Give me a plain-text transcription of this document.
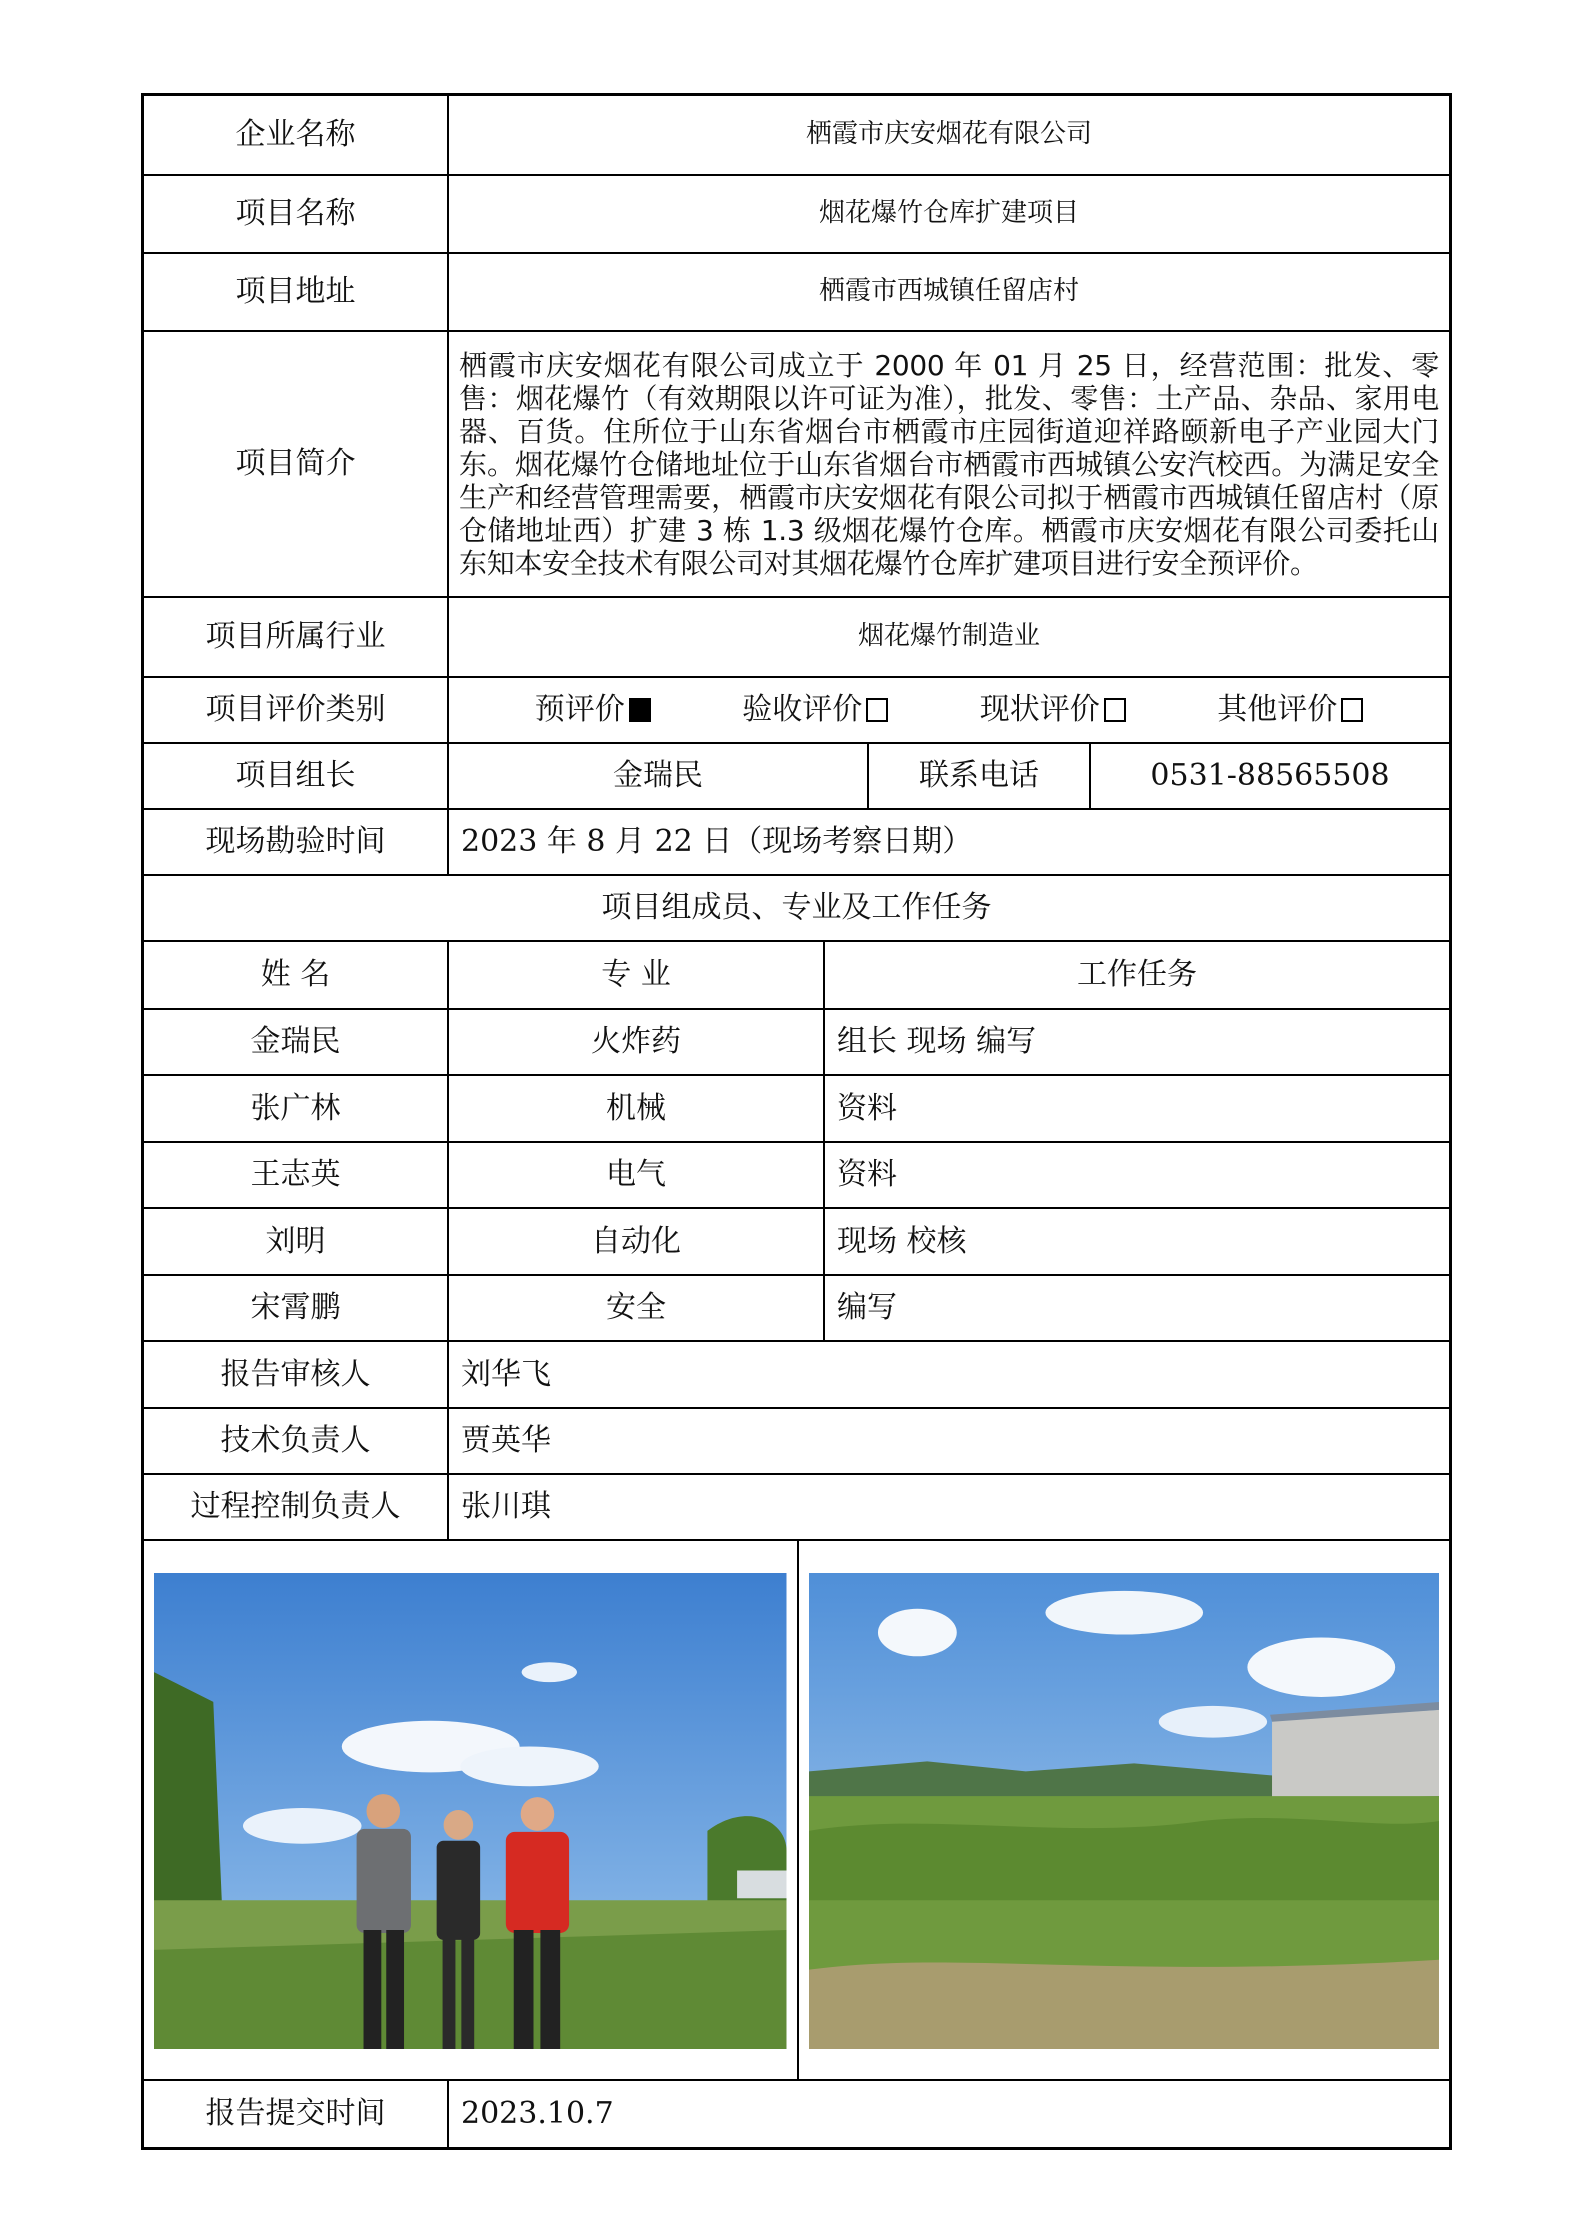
企业名称	栖霞市庆安烟花有限公司
项目名称	烟花爆竹仓库扩建项目
项目地址	栖霞市西城镇任留店村
项目简介
栖霞市庆安烟花有限公司成立于 2000 年 01 月 25 日，经营范围：批发、零售：烟花爆竹（有效期限以许可证为准），批发、零售：土产品、杂品、家用电器、百货。住所位于山东省烟台市栖霞市庄园街道迎祥路颐新电子产业园大门东。烟花爆竹仓储地址位于山东省烟台市栖霞市西城镇公安汽校西。为满足安全生产和经营管理需要，栖霞市庆安烟花有限公司拟于栖霞市西城镇任留店村（原仓储地址西）扩建 3 栋 1.3 级烟花爆竹仓库。栖霞市庆安烟花有限公司委托山东知本安全技术有限公司对其烟花爆竹仓库扩建项目进行安全预评价。
项目所属行业	烟花爆竹制造业
项目评价类别	预评价	验收评价	现状评价	其他评价
项目组长	金瑞民	联系电话	0531-88565508
现场勘验时间	2023 年 8 月 22 日（现场考察日期）
项目组成员、专业及工作任务
姓 名	专 业	工作任务
金瑞民	火炸药	组长 现场 编写
张广林	机械	资料
王志英	电气	资料
刘明	自动化	现场 校核
宋霄鹏	安全	编写
报告审核人	刘华飞
技术负责人	贾英华
过程控制负责人	张川琪
报告提交时间	2023.10.7
